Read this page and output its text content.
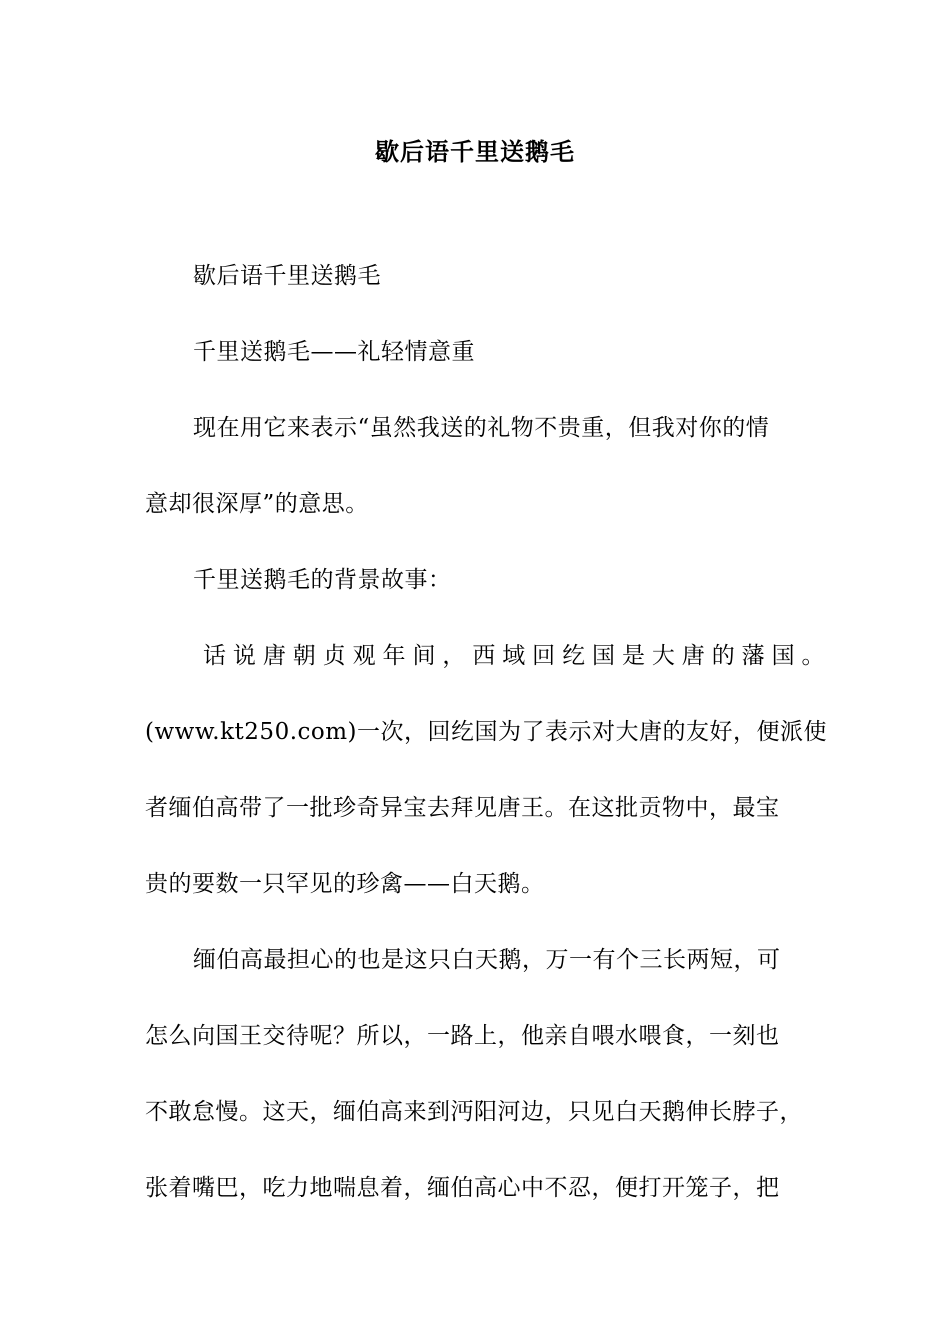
歇后语千里送鹅毛
歇后语千里送鹅毛
千里送鹅毛——礼轻情意重
现在用它来表示“虽然我送的礼物不贵重，但我对你的情
意却很深厚”的意思。
千里送鹅毛的背景故事：
话说唐朝贞观年间，西域回纥国是大唐的藩国。
(www.kt250.com)一次，回纥国为了表示对大唐的友好，便派使
者缅伯高带了一批珍奇异宝去拜见唐王。在这批贡物中，最宝
贵的要数一只罕见的珍禽——白天鹅。
缅伯高最担心的也是这只白天鹅，万一有个三长两短，可
怎么向国王交待呢？所以，一路上，他亲自喂水喂食，一刻也
不敢怠慢。这天，缅伯高来到沔阳河边，只见白天鹅伸长脖子，
张着嘴巴，吃力地喘息着，缅伯高心中不忍，便打开笼子，把
